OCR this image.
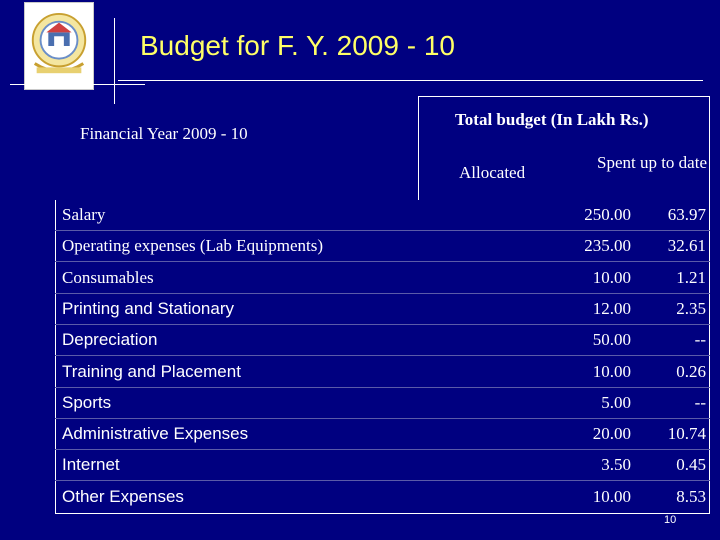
Budget for F. Y. 2009 - 10
Financial Year 2009 - 10
Total budget (In Lakh Rs.)
Allocated
Spent up to date
Salary	250.00	63.97
Operating expenses (Lab Equipments)	235.00	32.61
Consumables	10.00	1.21
Printing and Stationary	12.00	2.35
Depreciation	50.00	--
Training and Placement	10.00	0.26
Sports	5.00	--
Administrative Expenses	20.00	10.74
Internet	3.50	0.45
Other Expenses	10.00	8.53
10
